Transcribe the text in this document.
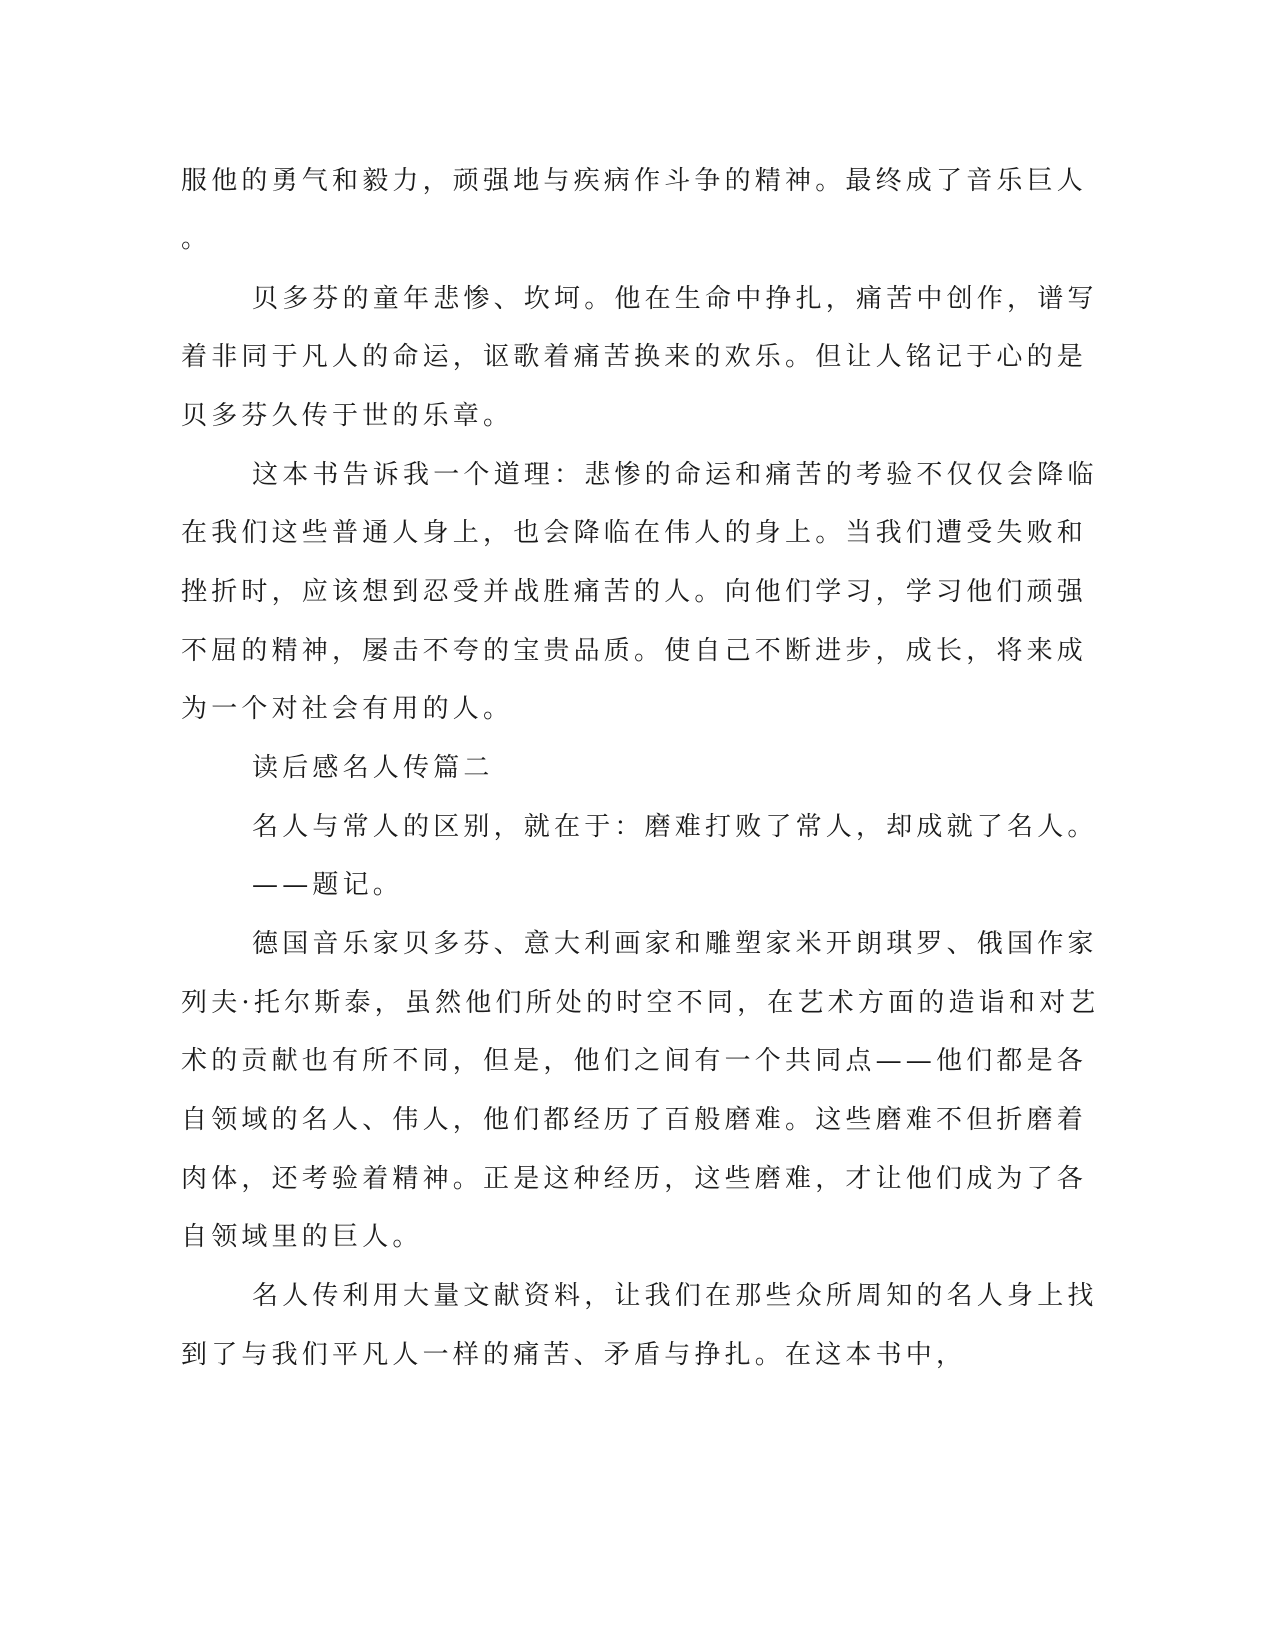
服他的勇气和毅力，顽强地与疾病作斗争的精神。最终成了音乐巨人

。

贝多芬的童年悲惨、坎坷。他在生命中挣扎，痛苦中创作，谱写

着非同于凡人的命运，讴歌着痛苦换来的欢乐。但让人铭记于心的是

贝多芬久传于世的乐章。

这本书告诉我一个道理：悲惨的命运和痛苦的考验不仅仅会降临

在我们这些普通人身上，也会降临在伟人的身上。当我们遭受失败和

挫折时，应该想到忍受并战胜痛苦的人。向他们学习，学习他们顽强

不屈的精神，屡击不夸的宝贵品质。使自己不断进步，成长，将来成

为一个对社会有用的人。

读后感名人传篇二

名人与常人的区别，就在于：磨难打败了常人，却成就了名人。

——题记。

德国音乐家贝多芬、意大利画家和雕塑家米开朗琪罗、俄国作家

列夫·托尔斯泰，虽然他们所处的时空不同，在艺术方面的造诣和对艺

术的贡献也有所不同，但是，他们之间有一个共同点——他们都是各

自领域的名人、伟人，他们都经历了百般磨难。这些磨难不但折磨着

肉体，还考验着精神。正是这种经历，这些磨难，才让他们成为了各

自领域里的巨人。

名人传利用大量文献资料，让我们在那些众所周知的名人身上找

到了与我们平凡人一样的痛苦、矛盾与挣扎。在这本书中，
